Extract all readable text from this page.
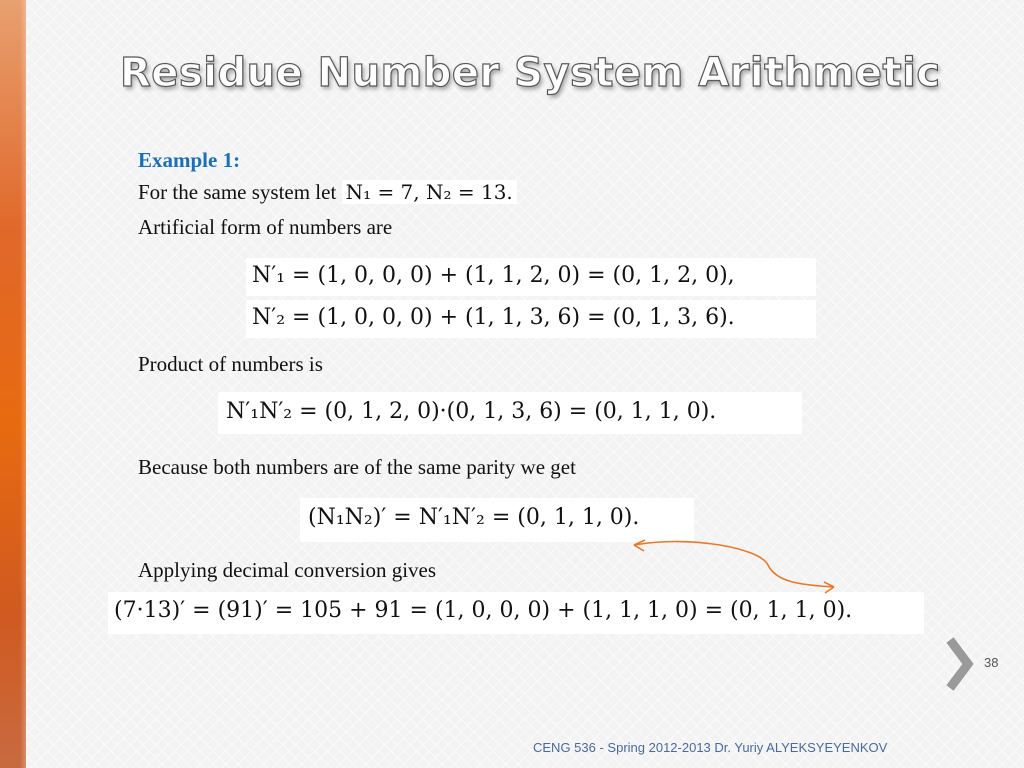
Residue Number System Arithmetic
Example 1:
For the same system let N₁ = 7, N₂ = 13.
Artificial form of numbers are
N′₁ = (1, 0, 0, 0) + (1, 1, 2, 0) = (0, 1, 2, 0),
N′₂ = (1, 0, 0, 0) + (1, 1, 3, 6) = (0, 1, 3, 6).
Product of numbers is
N′₁N′₂ = (0, 1, 2, 0)·(0, 1, 3, 6) = (0, 1, 1, 0).
Because both numbers are of the same parity we get
(N₁N₂)′ = N′₁N′₂ = (0, 1, 1, 0).
Applying decimal conversion gives
(7·13)′ = (91)′ = 105 + 91 = (1, 0, 0, 0) + (1, 1, 1, 0) = (0, 1, 1, 0).
38
CENG 536 - Spring 2012-2013 Dr. Yuriy ALYEKSYEYENKOV
